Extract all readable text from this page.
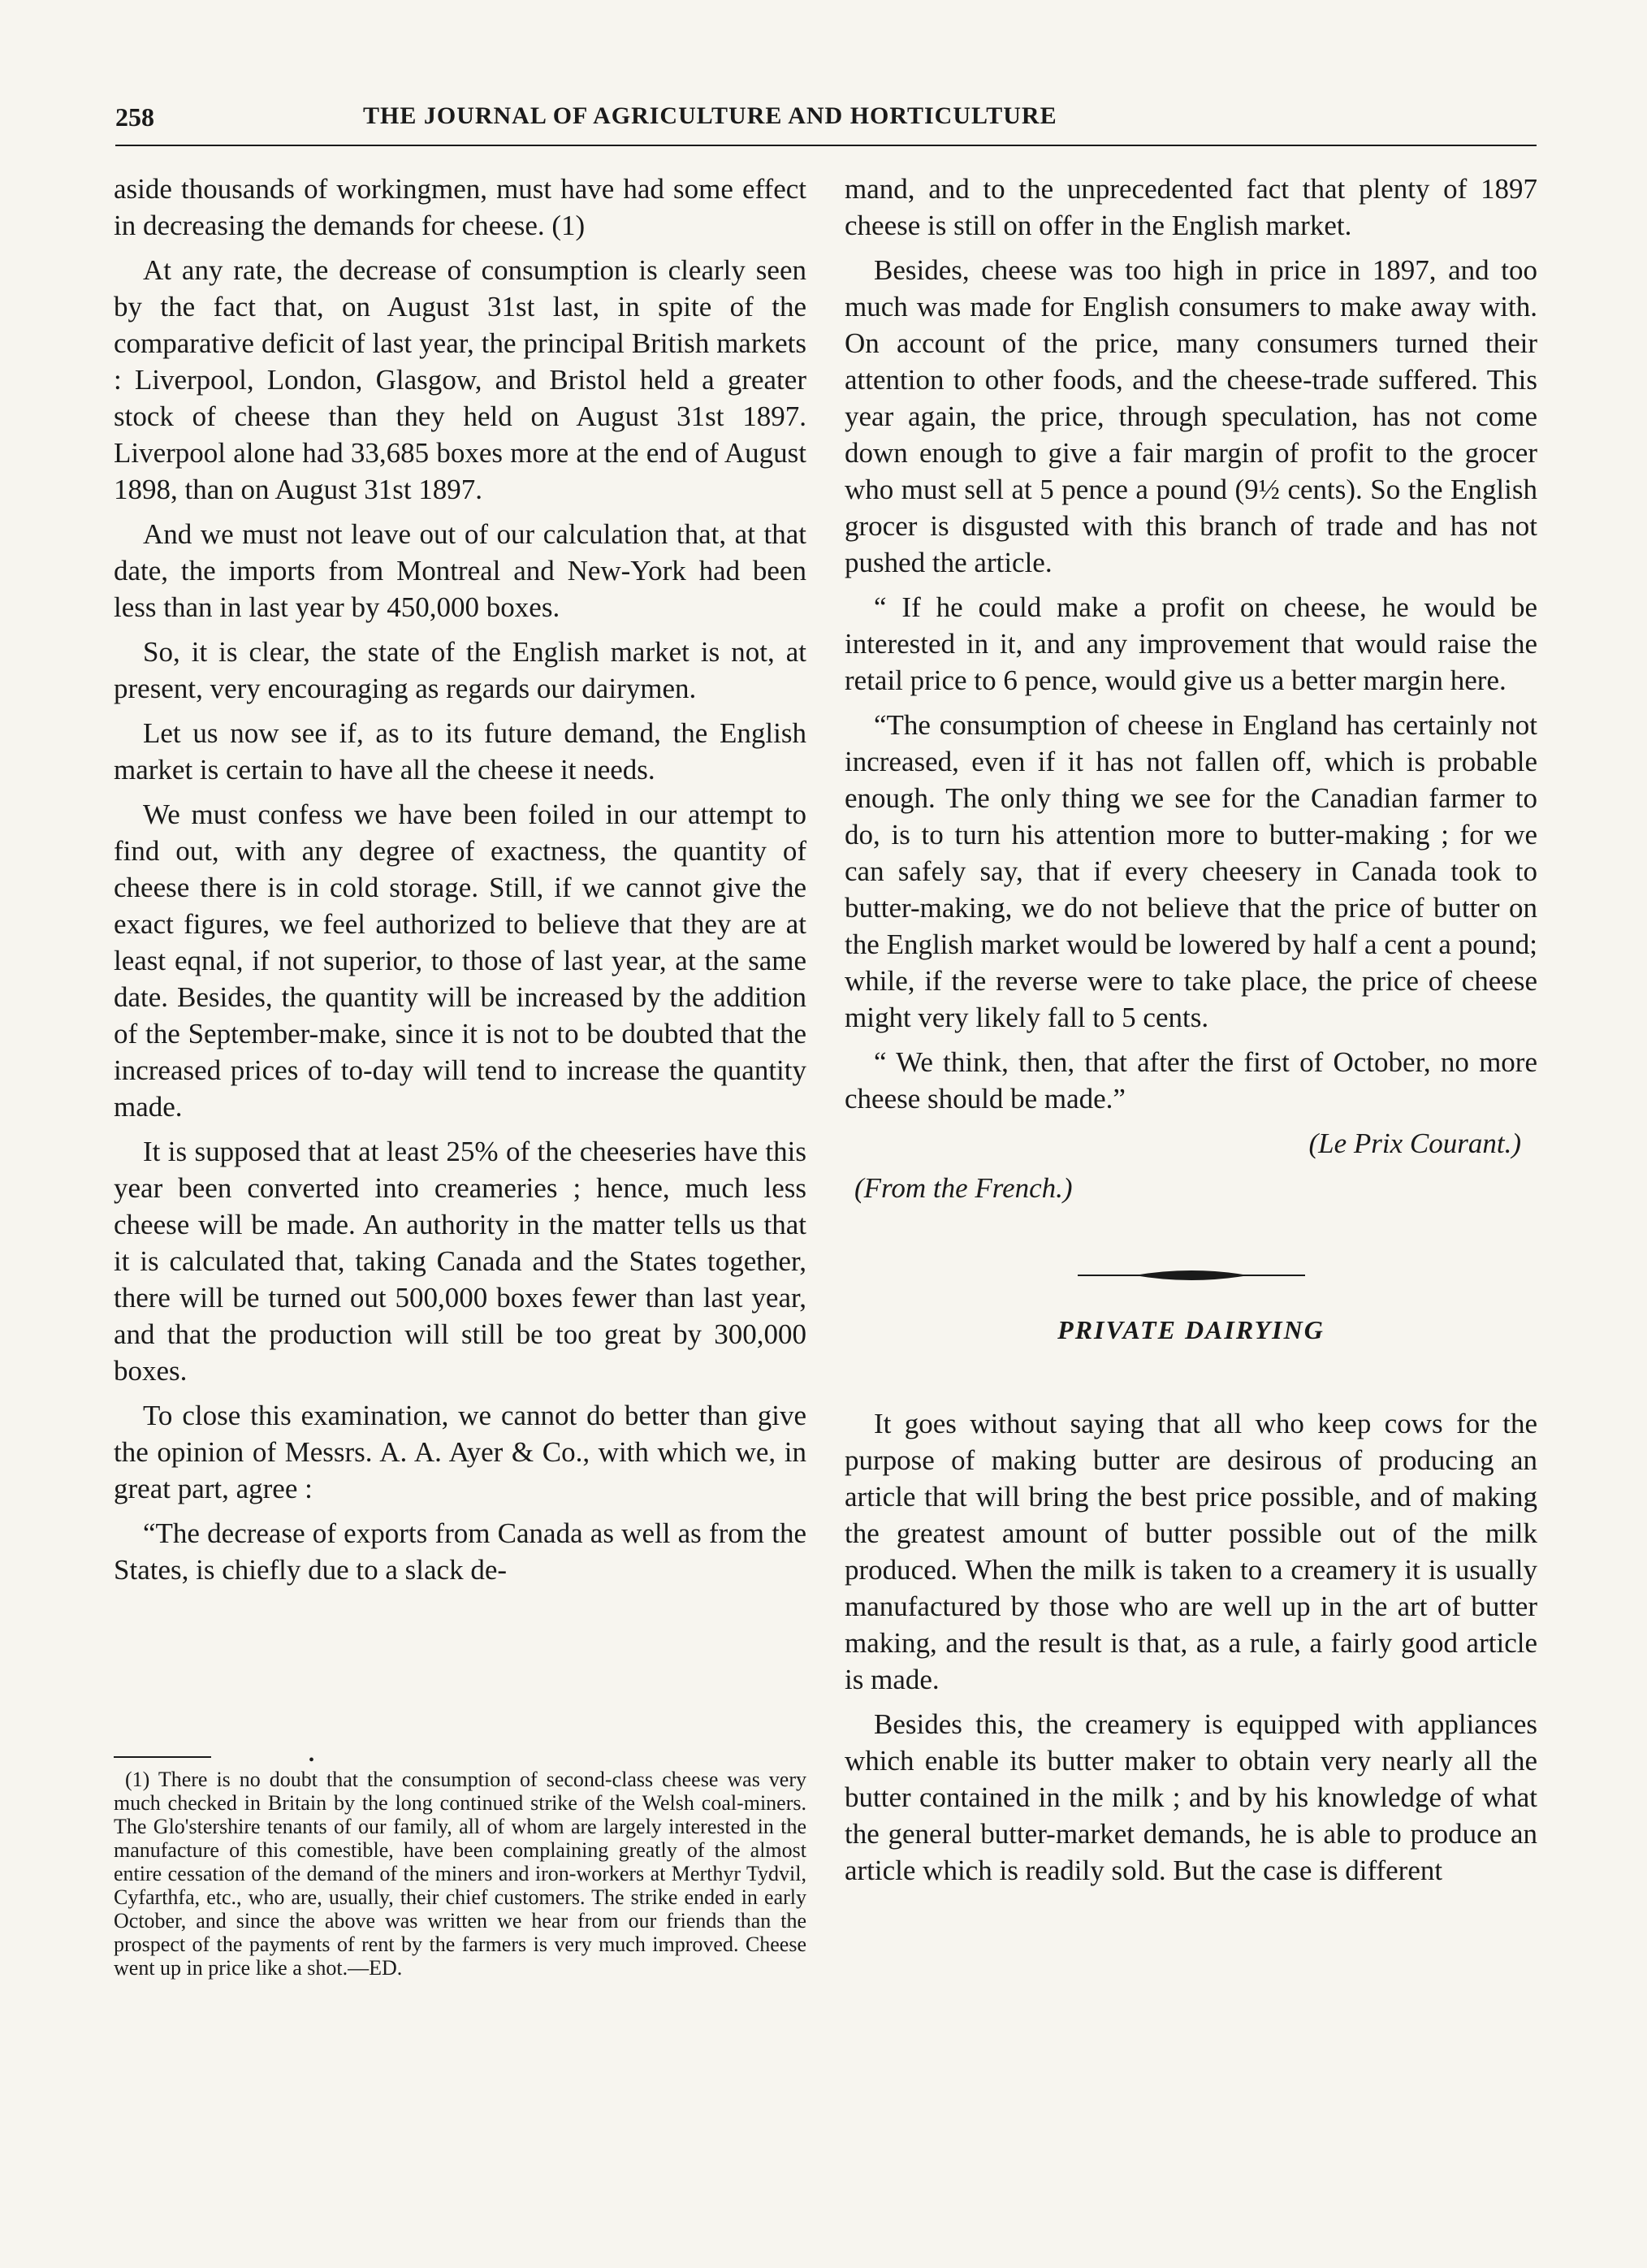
258	THE JOURNAL OF AGRICULTURE AND HORTICULTURE

aside thousands of workingmen, must have had some effect in decreasing the demands for cheese. (1)

At any rate, the decrease of consumption is clearly seen by the fact that, on August 31st last, in spite of the comparative deficit of last year, the principal British markets : Liverpool, London, Glasgow, and Bristol held a greater stock of cheese than they held on August 31st 1897. Liverpool alone had 33,685 boxes more at the end of August 1898, than on August 31st 1897.

And we must not leave out of our calculation that, at that date, the imports from Montreal and New-York had been less than in last year by 450,000 boxes.

So, it is clear, the state of the English market is not, at present, very encouraging as regards our dairymen.

Let us now see if, as to its future demand, the English market is certain to have all the cheese it needs.

We must confess we have been foiled in our attempt to find out, with any degree of exactness, the quantity of cheese there is in cold storage. Still, if we cannot give the exact figures, we feel authorized to believe that they are at least eqnal, if not superior, to those of last year, at the same date. Besides, the quantity will be increased by the addition of the September-make, since it is not to be doubted that the increased prices of to-day will tend to increase the quantity made.

It is supposed that at least 25% of the cheeseries have this year been converted into creameries ; hence, much less cheese will be made. An authority in the matter tells us that it is calculated that, taking Canada and the States together, there will be turned out 500,000 boxes fewer than last year, and that the production will still be too great by 300,000 boxes.

To close this examination, we cannot do better than give the opinion of Messrs. A. A. Ayer & Co., with which we, in great part, agree :

“The decrease of exports from Canada as well as from the States, is chiefly due to a slack de-

•
(1) There is no doubt that the consumption of second-class cheese was very much checked in Britain by the long continued strike of the Welsh coal-miners. The Glo'stershire tenants of our family, all of whom are largely interested in the manufacture of this comestible, have been complaining greatly of the almost entire cessation of the demand of the miners and iron-workers at Merthyr Tydvil, Cyfarthfa, etc., who are, usually, their chief customers. The strike ended in early October, and since the above was written we hear from our friends than the prospect of the payments of rent by the farmers is very much improved. Cheese went up in price like a shot.—ED.

mand, and to the unprecedented fact that plenty of 1897 cheese is still on offer in the English market.

Besides, cheese was too high in price in 1897, and too much was made for English consumers to make away with. On account of the price, many consumers turned their attention to other foods, and the cheese-trade suffered. This year again, the price, through speculation, has not come down enough to give a fair margin of profit to the grocer who must sell at 5 pence a pound (9½ cents). So the English grocer is disgusted with this branch of trade and has not pushed the article.

“ If he could make a profit on cheese, he would be interested in it, and any improvement that would raise the retail price to 6 pence, would give us a better margin here.

“The consumption of cheese in England has certainly not increased, even if it has not fallen off, which is probable enough. The only thing we see for the Canadian farmer to do, is to turn his attention more to butter-making ; for we can safely say, that if every cheesery in Canada took to butter-making, we do not believe that the price of butter on the English market would be lowered by half a cent a pound; while, if the reverse were to take place, the price of cheese might very likely fall to 5 cents.

“ We think, then, that after the first of October, no more cheese should be made.”

(Le Prix Courant.)
(From the French.)
PRIVATE DAIRYING

It goes without saying that all who keep cows for the purpose of making butter are desirous of producing an article that will bring the best price possible, and of making the greatest amount of butter possible out of the milk produced. When the milk is taken to a creamery it is usually manufactured by those who are well up in the art of butter making, and the result is that, as a rule, a fairly good article is made.

Besides this, the creamery is equipped with appliances which enable its butter maker to obtain very nearly all the butter contained in the milk ; and by his knowledge of what the general butter-market demands, he is able to produce an article which is readily sold. But the case is different
